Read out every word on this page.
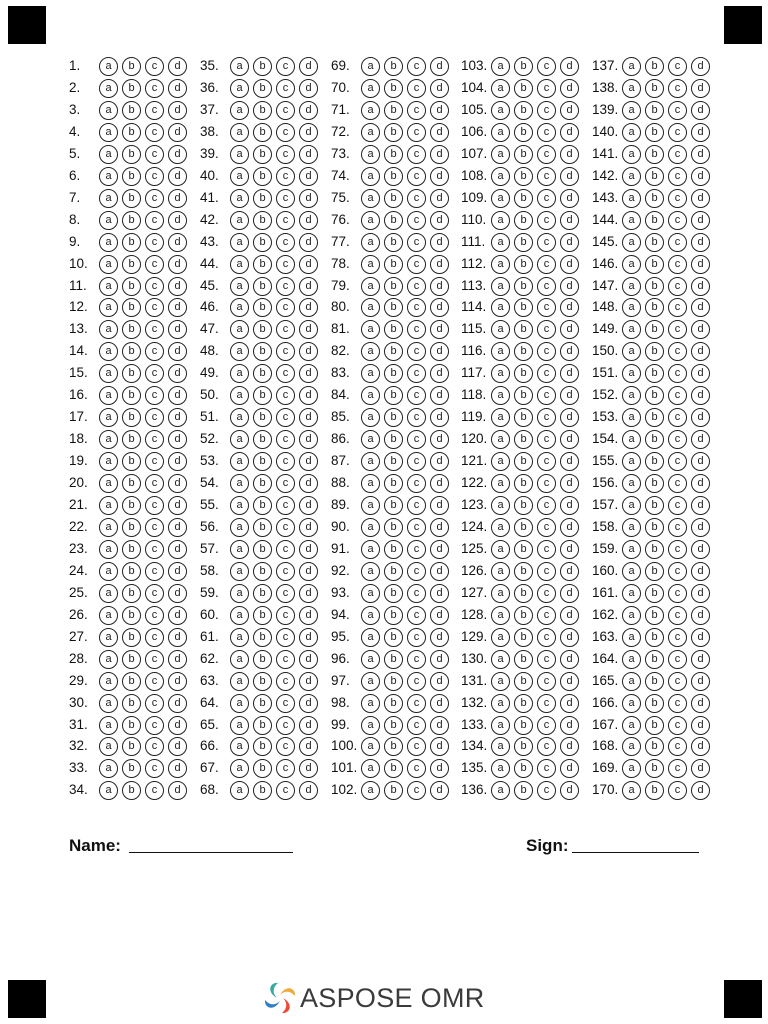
1.	a	b	c	d
2.	a	b	c	d
3.	a	b	c	d
4.	a	b	c	d
5.	a	b	c	d
6.	a	b	c	d
7.	a	b	c	d
8.	a	b	c	d
9.	a	b	c	d
10.	a	b	c	d
11.	a	b	c	d
12.	a	b	c	d
13.	a	b	c	d
14.	a	b	c	d
15.	a	b	c	d
16.	a	b	c	d
17.	a	b	c	d
18.	a	b	c	d
19.	a	b	c	d
20.	a	b	c	d
21.	a	b	c	d
22.	a	b	c	d
23.	a	b	c	d
24.	a	b	c	d
25.	a	b	c	d
26.	a	b	c	d
27.	a	b	c	d
28.	a	b	c	d
29.	a	b	c	d
30.	a	b	c	d
31.	a	b	c	d
32.	a	b	c	d
33.	a	b	c	d
34.	a	b	c	d
35.	a	b	c	d
36.	a	b	c	d
37.	a	b	c	d
38.	a	b	c	d
39.	a	b	c	d
40.	a	b	c	d
41.	a	b	c	d
42.	a	b	c	d
43.	a	b	c	d
44.	a	b	c	d
45.	a	b	c	d
46.	a	b	c	d
47.	a	b	c	d
48.	a	b	c	d
49.	a	b	c	d
50.	a	b	c	d
51.	a	b	c	d
52.	a	b	c	d
53.	a	b	c	d
54.	a	b	c	d
55.	a	b	c	d
56.	a	b	c	d
57.	a	b	c	d
58.	a	b	c	d
59.	a	b	c	d
60.	a	b	c	d
61.	a	b	c	d
62.	a	b	c	d
63.	a	b	c	d
64.	a	b	c	d
65.	a	b	c	d
66.	a	b	c	d
67.	a	b	c	d
68.	a	b	c	d
69.	a	b	c	d
70.	a	b	c	d
71.	a	b	c	d
72.	a	b	c	d
73.	a	b	c	d
74.	a	b	c	d
75.	a	b	c	d
76.	a	b	c	d
77.	a	b	c	d
78.	a	b	c	d
79.	a	b	c	d
80.	a	b	c	d
81.	a	b	c	d
82.	a	b	c	d
83.	a	b	c	d
84.	a	b	c	d
85.	a	b	c	d
86.	a	b	c	d
87.	a	b	c	d
88.	a	b	c	d
89.	a	b	c	d
90.	a	b	c	d
91.	a	b	c	d
92.	a	b	c	d
93.	a	b	c	d
94.	a	b	c	d
95.	a	b	c	d
96.	a	b	c	d
97.	a	b	c	d
98.	a	b	c	d
99.	a	b	c	d
100. a	b	c	d
101. a	b	c	d
102. a	b	c	d
103. a	b	c	d
104. a	b	c	d
105. a	b	c	d
106. a	b	c	d
107. a	b	c	d
108. a	b	c	d
109. a	b	c	d
110.	a	b	c	d
111.	a	b	c	d
112.	a	b	c	d
113.	a	b	c	d
114.	a	b	c	d
115.	a	b	c	d
116.	a	b	c	d
117.	a	b	c	d
118.	a	b	c	d
119.	a	b	c	d
120. a	b	c	d
121. a	b	c	d
122. a	b	c	d
123. a	b	c	d
124. a	b	c	d
125. a	b	c	d
126. a	b	c	d
127. a	b	c	d
128. a	b	c	d
129. a	b	c	d
130. a	b	c	d
131. a	b	c	d
132. a	b	c	d
133. a	b	c	d
134. a	b	c	d
135. a	b	c	d
136. a	b	c	d
137. a	b	c	d
138. a	b	c	d
139. a	b	c	d
140. a	b	c	d
141. a	b	c	d
142. a	b	c	d
143. a	b	c	d
144. a	b	c	d
145. a	b	c	d
146. a	b	c	d
147. a	b	c	d
148. a	b	c	d
149. a	b	c	d
150. a	b	c	d
151. a	b	c	d
152. a	b	c	d
153. a	b	c	d
154. a	b	c	d
155. a	b	c	d
156. a	b	c	d
157. a	b	c	d
158. a	b	c	d
159. a	b	c	d
160. a	b	c	d
161. a	b	c	d
162. a	b	c	d
163. a	b	c	d
164. a	b	c	d
165. a	b	c	d
166. a	b	c	d
167. a	b	c	d
168. a	b	c	d
169. a	b	c	d
170. a	b	c	d
Name:	Sign:
ASPOSE OMR
